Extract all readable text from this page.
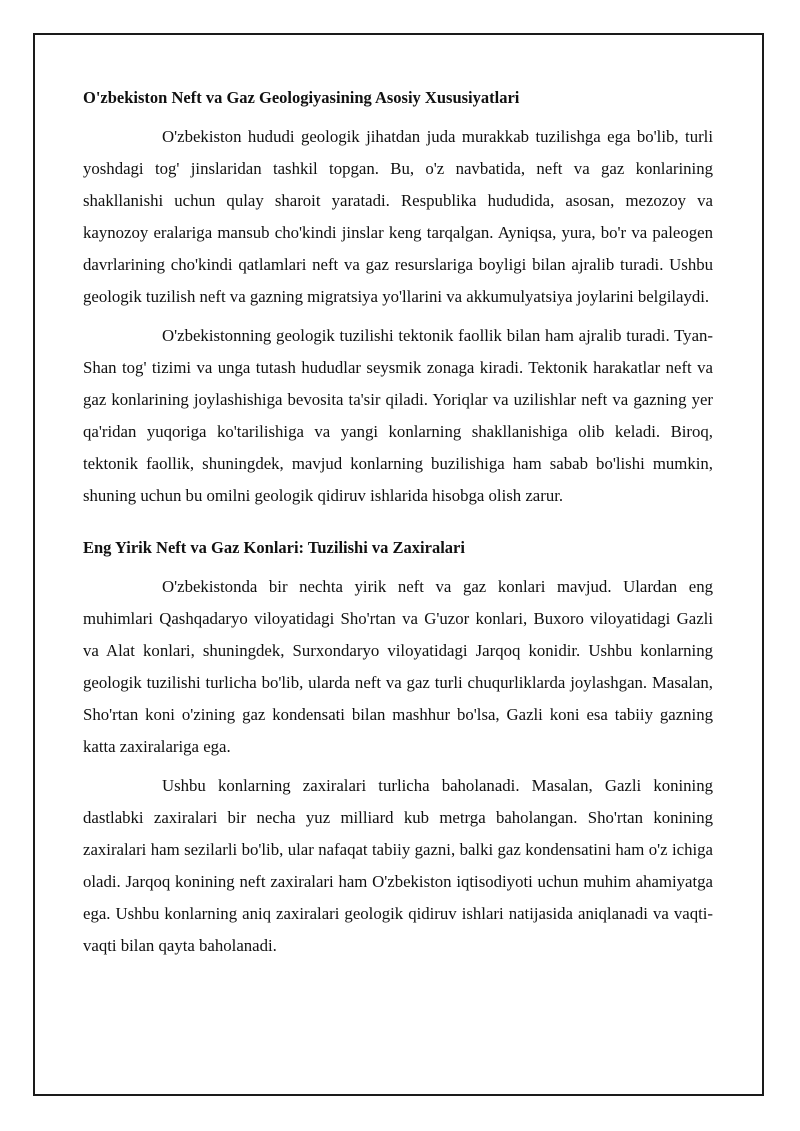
O'zbekiston Neft va Gaz Geologiyasining Asosiy Xususiyatlari

O'zbekiston hududi geologik jihatdan juda murakkab tuzilishga ega bo'lib, turli yoshdagi tog' jinslaridan tashkil topgan. Bu, o'z navbatida, neft va gaz konlarining shakllanishi uchun qulay sharoit yaratadi. Respublika hududida, asosan, mezozoy va kaynozoy eralariga mansub cho'kindi jinslar keng tarqalgan. Ayniqsa, yura, bo'r va paleogen davrlarining cho'kindi qatlamlari neft va gaz resurslariga boyligi bilan ajralib turadi. Ushbu geologik tuzilish neft va gazning migratsiya yo'llarini va akkumulyatsiya joylarini belgilaydi.

O'zbekistonning geologik tuzilishi tektonik faollik bilan ham ajralib turadi. Tyan-Shan tog' tizimi va unga tutash hududlar seysmik zonaga kiradi. Tektonik harakatlar neft va gaz konlarining joylashishiga bevosita ta'sir qiladi. Yoriqlar va uzilishlar neft va gazning yer qa'ridan yuqoriga ko'tarilishiga va yangi konlarning shakllanishiga olib keladi. Biroq, tektonik faollik, shuningdek, mavjud konlarning buzilishiga ham sabab bo'lishi mumkin, shuning uchun bu omilni geologik qidiruv ishlarida hisobga olish zarur.

Eng Yirik Neft va Gaz Konlari: Tuzilishi va Zaxiralari

O'zbekistonda bir nechta yirik neft va gaz konlari mavjud. Ulardan eng muhimlari Qashqadaryo viloyatidagi Sho'rtan va G'uzor konlari, Buxoro viloyatidagi Gazli va Alat konlari, shuningdek, Surxondaryo viloyatidagi Jarqoq konidir. Ushbu konlarning geologik tuzilishi turlicha bo'lib, ularda neft va gaz turli chuqurliklarda joylashgan. Masalan, Sho'rtan koni o'zining gaz kondensati bilan mashhur bo'lsa, Gazli koni esa tabiiy gazning katta zaxiralariga ega.

Ushbu konlarning zaxiralari turlicha baholanadi. Masalan, Gazli konining dastlabki zaxiralari bir necha yuz milliard kub metrga baholangan. Sho'rtan konining zaxiralari ham sezilarli bo'lib, ular nafaqat tabiiy gazni, balki gaz kondensatini ham o'z ichiga oladi. Jarqoq konining neft zaxiralari ham O'zbekiston iqtisodiyoti uchun muhim ahamiyatga ega. Ushbu konlarning aniq zaxiralari geologik qidiruv ishlari natijasida aniqlanadi va vaqti-vaqti bilan qayta baholanadi.
